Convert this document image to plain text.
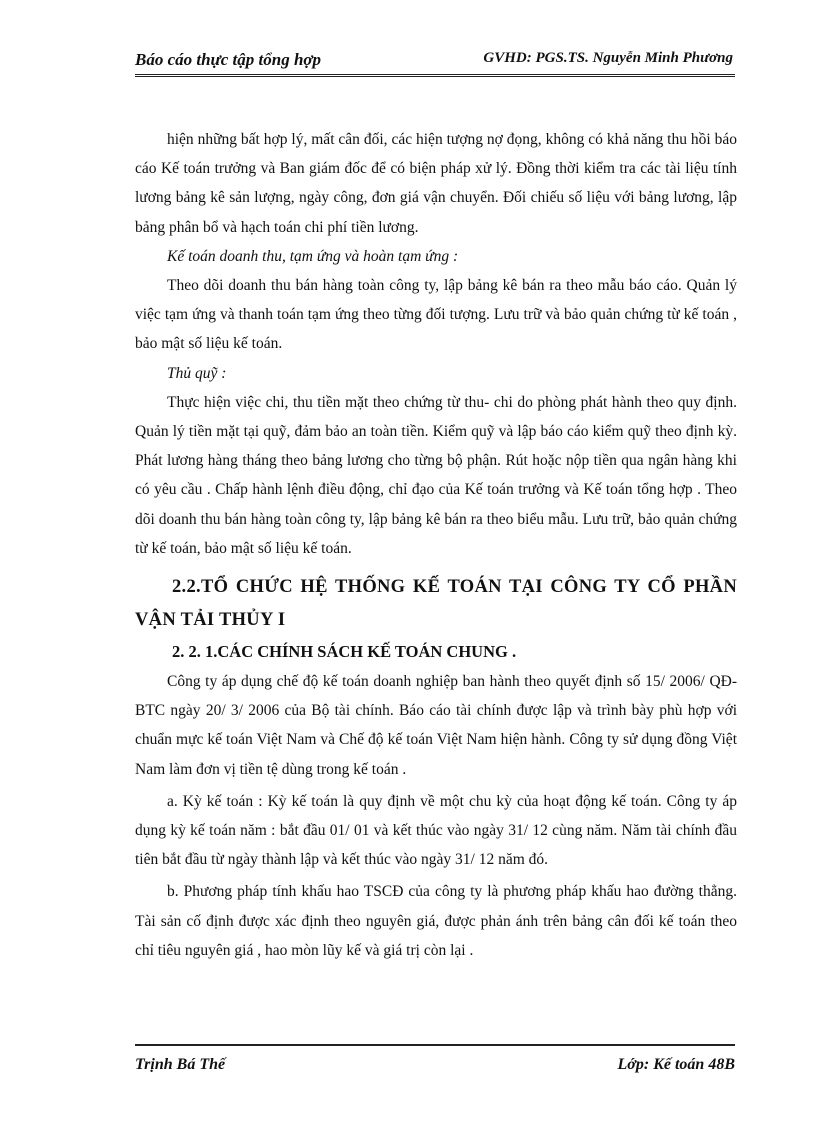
Báo cáo thực tập tổng hợp	GVHD: PGS.TS. Nguyễn Minh Phương

hiện những bất hợp lý, mất cân đối, các hiện tượng nợ đọng, không có khả năng thu hồi báo cáo Kế toán trưởng và Ban giám đốc để có biện pháp xử lý. Đồng thời kiểm tra các tài liệu tính lương bảng kê sản lượng, ngày công, đơn giá vận chuyển. Đối chiếu số liệu với bảng lương, lập bảng phân bổ và hạch toán chi phí tiền lương.

Kế toán doanh thu, tạm ứng và hoàn tạm ứng :

Theo dõi doanh thu bán hàng toàn công ty, lập bảng kê bán ra theo mẫu báo cáo. Quản lý việc tạm ứng và thanh toán tạm ứng theo từng đối tượng. Lưu trữ và bảo quản chứng từ kế toán , bảo mật số liệu kế toán.

Thủ quỹ :

Thực hiện việc chi, thu tiền mặt theo chứng từ thu- chi do phòng phát hành theo quy định. Quản lý tiền mặt tại quỹ, đảm bảo an toàn tiền. Kiểm quỹ và lập báo cáo kiểm quỹ theo định kỳ. Phát lương hàng tháng theo bảng lương cho từng bộ phận. Rút hoặc nộp tiền qua ngân hàng khi có yêu cầu . Chấp hành lệnh điều động, chỉ đạo của Kế toán trưởng và Kế toán tổng hợp . Theo dõi doanh thu bán hàng toàn công ty, lập bảng kê bán ra theo biểu mẫu. Lưu trữ, bảo quản chứng từ kế toán, bảo mật số liệu kế toán.

2.2.TỔ CHỨC HỆ THỐNG KẾ TOÁN TẠI CÔNG TY CỔ PHẦN VẬN TẢI THỦY I
2. 2. 1.CÁC CHÍNH SÁCH KẾ TOÁN CHUNG .

Công ty áp dụng chế độ kế toán doanh nghiệp ban hành theo quyết định số 15/ 2006/ QĐ-BTC ngày 20/ 3/ 2006 của Bộ tài chính. Báo cáo tài chính được lập và trình bày phù hợp với chuẩn mực kế toán Việt Nam và Chế độ kế toán Việt Nam hiện hành. Công ty sử dụng đồng Việt Nam làm đơn vị tiền tệ dùng trong kế toán .

a. Kỳ kế toán : Kỳ kế toán là quy định về một chu kỳ của hoạt động kế toán. Công ty áp dụng kỳ kế toán năm : bắt đầu 01/ 01 và kết thúc vào ngày 31/ 12 cùng năm. Năm tài chính đầu tiên bắt đầu từ ngày thành lập và kết thúc vào ngày 31/ 12 năm đó.

b. Phương pháp tính khấu hao TSCĐ của công ty là phương pháp khấu hao đường thẳng. Tài sản cố định được xác định theo nguyên giá, được phản ánh trên bảng cân đối kế toán theo chỉ tiêu nguyên giá , hao mòn lũy kế và giá trị còn lại .

Trịnh Bá Thế	Lớp: Kế toán 48B
